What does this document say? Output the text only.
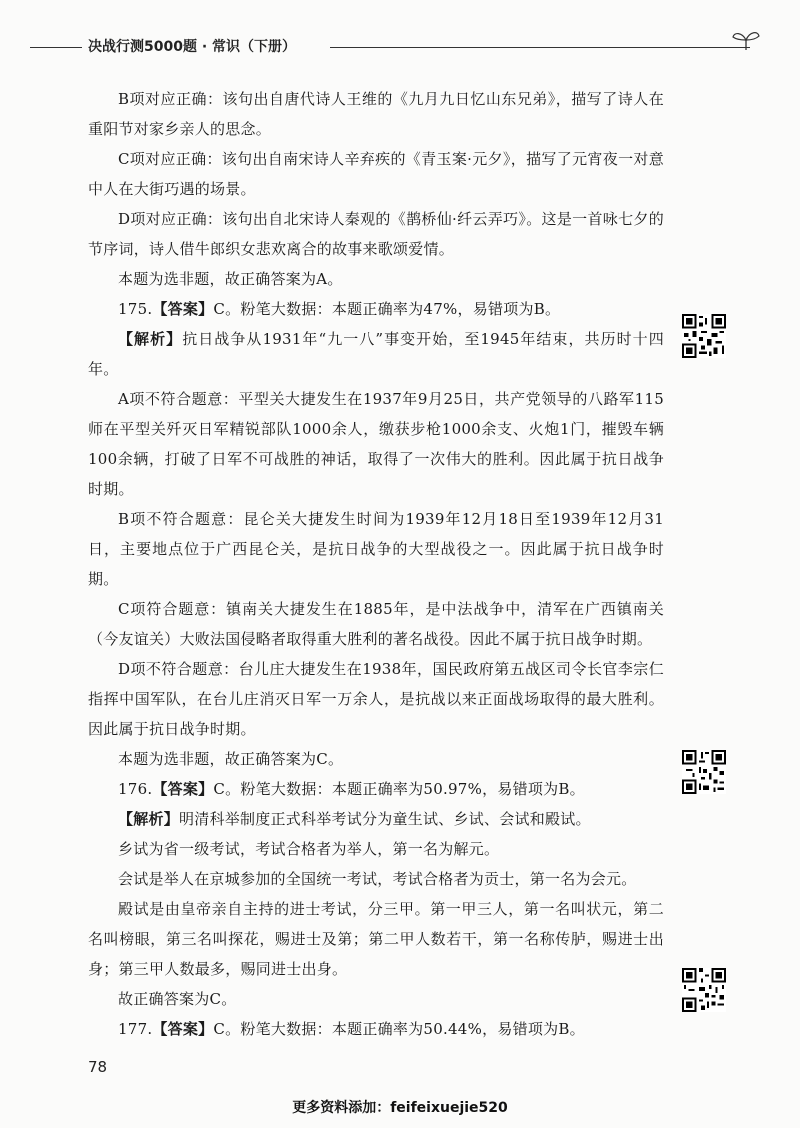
决战行测5000题 · 常识（下册）

B项对应正确：该句出自唐代诗人王维的《九月九日忆山东兄弟》，描写了诗人在重阳节对家乡亲人的思念。

C项对应正确：该句出自南宋诗人辛弃疾的《青玉案·元夕》，描写了元宵夜一对意中人在大街巧遇的场景。

D项对应正确：该句出自北宋诗人秦观的《鹊桥仙·纤云弄巧》。这是一首咏七夕的节序词，诗人借牛郎织女悲欢离合的故事来歌颂爱情。

本题为选非题，故正确答案为A。

175.【答案】C。粉笔大数据：本题正确率为47%，易错项为B。

【解析】抗日战争从1931年“九一八”事变开始，至1945年结束，共历时十四年。

A项不符合题意：平型关大捷发生在1937年9月25日，共产党领导的八路军115师在平型关歼灭日军精锐部队1000余人，缴获步枪1000余支、火炮1门，摧毁车辆100余辆，打破了日军不可战胜的神话，取得了一次伟大的胜利。因此属于抗日战争时期。

B项不符合题意：昆仑关大捷发生时间为1939年12月18日至1939年12月31日，主要地点位于广西昆仑关，是抗日战争的大型战役之一。因此属于抗日战争时期。

C项符合题意：镇南关大捷发生在1885年，是中法战争中，清军在广西镇南关（今友谊关）大败法国侵略者取得重大胜利的著名战役。因此不属于抗日战争时期。

D项不符合题意：台儿庄大捷发生在1938年，国民政府第五战区司令长官李宗仁指挥中国军队，在台儿庄消灭日军一万余人，是抗战以来正面战场取得的最大胜利。因此属于抗日战争时期。

本题为选非题，故正确答案为C。

176.【答案】C。粉笔大数据：本题正确率为50.97%，易错项为B。

【解析】明清科举制度正式科举考试分为童生试、乡试、会试和殿试。

乡试为省一级考试，考试合格者为举人，第一名为解元。

会试是举人在京城参加的全国统一考试，考试合格者为贡士，第一名为会元。

殿试是由皇帝亲自主持的进士考试，分三甲。第一甲三人，第一名叫状元，第二名叫榜眼，第三名叫探花，赐进士及第；第二甲人数若干，第一名称传胪，赐进士出身；第三甲人数最多，赐同进士出身。

故正确答案为C。

177.【答案】C。粉笔大数据：本题正确率为50.44%，易错项为B。

78
更多资料添加：feifeixuejie520
